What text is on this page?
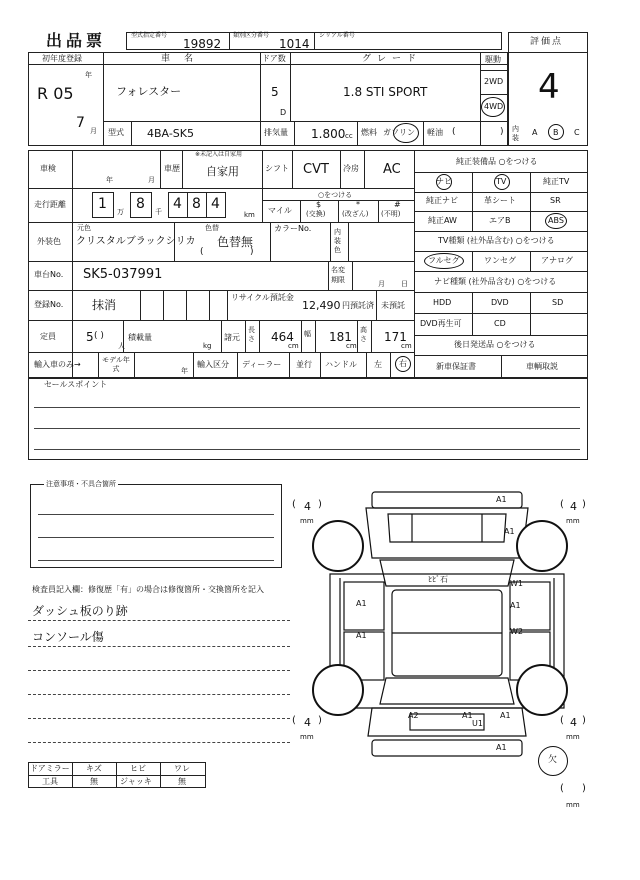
出品票	型式指定番号
19892
類別区分番号
1014
シリアル番号
評価点
4
初年度登録
年
R 05
7 月
車名
フォレスター
ドア数
5
D
グレード
1.8 STI SPORT
駆動
2WD
4WD
型式 4BA-SK5	排気量 1.800 cc 燃料 ガソリン 軽油 (	) 内装
A B C
車検
年	月
車歴
※未記入は自家用
自家用	シフト CVT 冷房 AC
走行距離 1 万 8 千 4 8 4
km
○をつける
マイル
$
(交換)
*
(改ざん)
#
(不明)
外装色
元色
クリスタルブラックシリカ
色替
色替無
(	)
カラーNo.	内装色
車台No. SK5-037991	名変期限	月 日
登録No. 抹消
リサイクル預託金
12,490 円預託済 未預託
定員	5 ( )
人
積載量
kg
諸元
長さ 464
cm
幅 181
cm
高さ 171
cm
輸入車のみ→	モデル年式	年
輸入区分 ディーラー 並行 ハンドル 左 右
純正装備品 ○をつける
ナビ	TV	純正TV
純正ナビ	革シート	SR
純正AW	エアB	ABS
TV種類 (社外品含む) ○をつける
フルセグ	ワンセグ	アナログ
ナビ種類 (社外品含む) ○をつける
HDD	DVD	SD
DVD再生可	CD
後日発送品 ○をつける
新車保証書	車輌取説
セールスポイント
注意事項・不具合箇所
検査員記入欄：修復歴「有」の場合は修復箇所・交換箇所を記入
ダッシュ板のり跡
コンソール傷
ドアミラー キズ	ヒビ	ワレ
工具	無	ジャッキ	無
A1
A1
ﾋﾋﾞ石
A1
A1
W1
A1
W2
A2	A1
U1
A1
A1
( 4 )
mm
( 4 )
mm
( 4 )
mm
( 4 )
mm
欠
( )
mm
